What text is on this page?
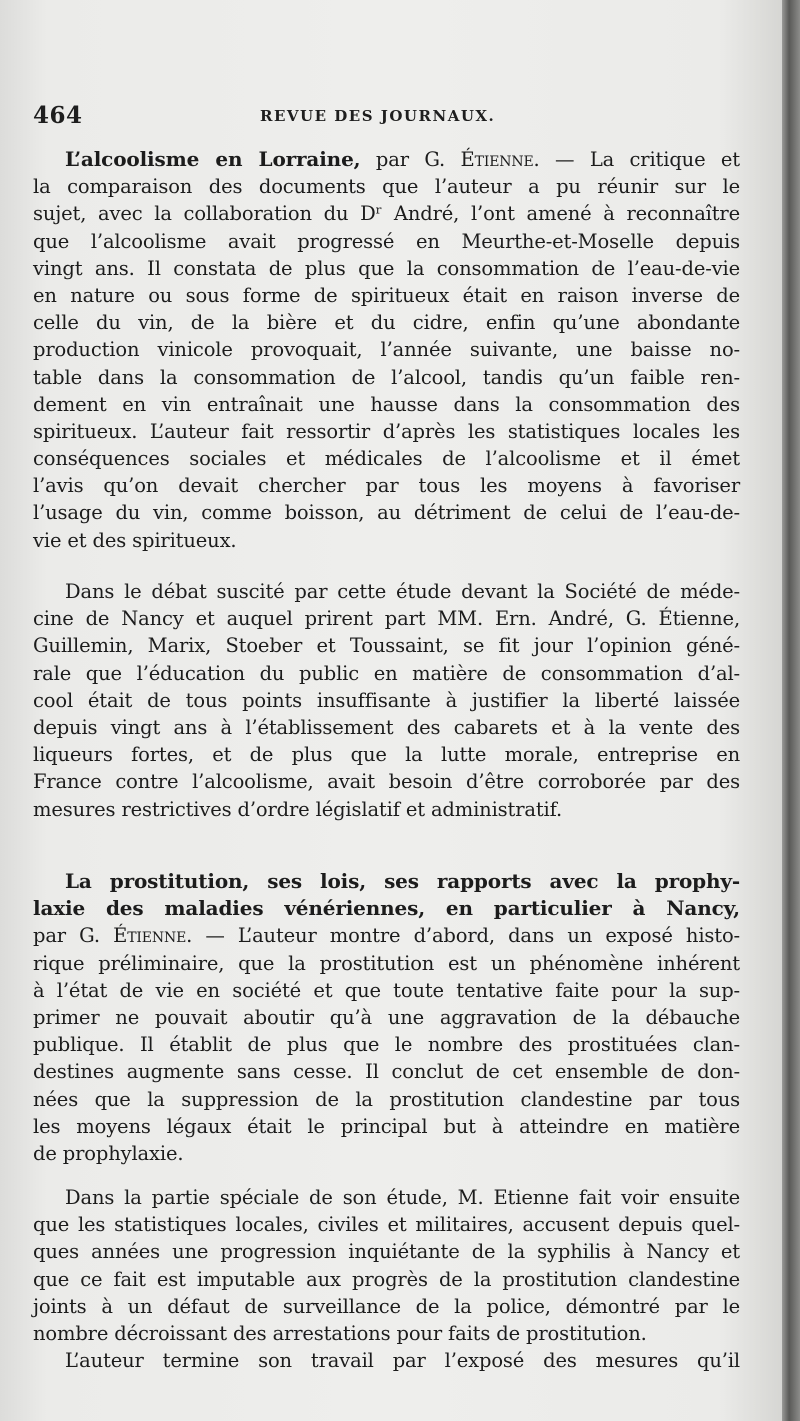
464	REVUE DES JOURNAUX.
L’alcoolisme en Lorraine, par G. Étienne. — La critique et
la comparaison des documents que l’auteur a pu réunir sur le
sujet, avec la collaboration du Dʳ André, l’ont amené à reconnaître
que l’alcoolisme avait progressé en Meurthe-et-Moselle depuis
vingt ans. Il constata de plus que la consommation de l’eau-de-vie
en nature ou sous forme de spiritueux était en raison inverse de
celle du vin, de la bière et du cidre, enfin qu’une abondante
production vinicole provoquait, l’année suivante, une baisse no-
table dans la consommation de l’alcool, tandis qu’un faible ren-
dement en vin entraînait une hausse dans la consommation des
spiritueux. L’auteur fait ressortir d’après les statistiques locales les
conséquences sociales et médicales de l’alcoolisme et il émet
l’avis qu’on devait chercher par tous les moyens à favoriser
l’usage du vin, comme boisson, au détriment de celui de l’eau-de-
vie et des spiritueux.
Dans le débat suscité par cette étude devant la Société de méde-
cine de Nancy et auquel prirent part MM. Ern. André, G. Étienne,
Guillemin, Marix, Stoeber et Toussaint, se fit jour l’opinion géné-
rale que l’éducation du public en matière de consommation d’al-
cool était de tous points insuffisante à justifier la liberté laissée
depuis vingt ans à l’établissement des cabarets et à la vente des
liqueurs fortes, et de plus que la lutte morale, entreprise en
France contre l’alcoolisme, avait besoin d’être corroborée par des
mesures restrictives d’ordre législatif et administratif.
La prostitution, ses lois, ses rapports avec la prophy-
laxie des maladies vénériennes, en particulier à Nancy,
par G. Étienne. — L’auteur montre d’abord, dans un exposé histo-
rique préliminaire, que la prostitution est un phénomène inhérent
à l’état de vie en société et que toute tentative faite pour la sup-
primer ne pouvait aboutir qu’à une aggravation de la débauche
publique. Il établit de plus que le nombre des prostituées clan-
destines augmente sans cesse. Il conclut de cet ensemble de don-
nées que la suppression de la prostitution clandestine par tous
les moyens légaux était le principal but à atteindre en matière
de prophylaxie.
Dans la partie spéciale de son étude, M. Etienne fait voir ensuite
que les statistiques locales, civiles et militaires, accusent depuis quel-
ques années une progression inquiétante de la syphilis à Nancy et
que ce fait est imputable aux progrès de la prostitution clandestine
joints à un défaut de surveillance de la police, démontré par le
nombre décroissant des arrestations pour faits de prostitution.
L’auteur termine son travail par l’exposé des mesures qu’il
